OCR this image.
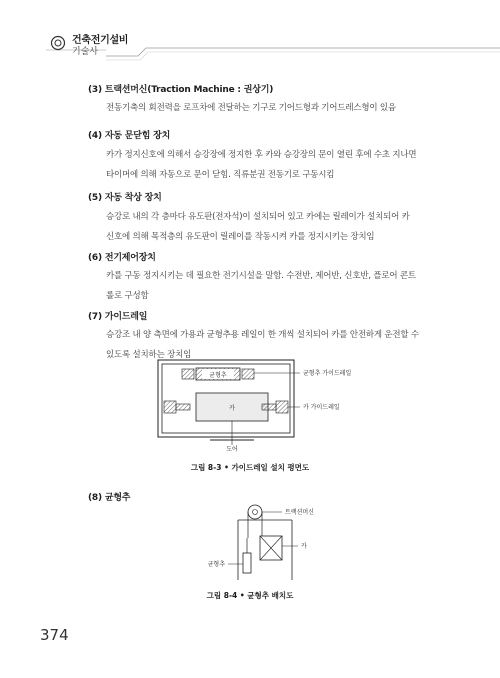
건축전기설비
기술사
(3) 트랙션머신(Traction Machine : 권상기)
전동기축의 회전력을 로프차에 전달하는 기구로 기어드형과 기어드레스형이 있음
(4) 자동 문닫힘 장치
카가 정지신호에 의해서 승강장에 정지한 후 카와 승강장의 문이 열린 후에 수초 지나면
타이머에 의해 자동으로 문이 닫힘. 직류분권 전동기로 구동시킴
(5) 자동 착상 장치
승강로 내의 각 층마다 유도판(전자석)이 설치되어 있고 카에는 릴레이가 설치되어 카
신호에 의해 목적층의 유도판이 릴레이를 작동시켜 카를 정지시키는 장치임
(6) 전기제어장치
카를 구동 정지시키는 데 필요한 전기시설을 말함. 수전반, 제어반, 신호반, 플로어 콘트
롤로 구성함
(7) 가이드레일
승강조 내 양 측면에 가용과 균형추용 레일이 한 개씩 설치되어 카를 안전하게 운전할 수
있도록 설치하는 장치임
균형추
카
도어
균형추 가이드레일
카 가이드레일
그림 8-3 • 가이드레일 설치 평면도
(8) 균형추
트랙션머신
카
균형추
그림 8-4 • 균형추 배치도
374
